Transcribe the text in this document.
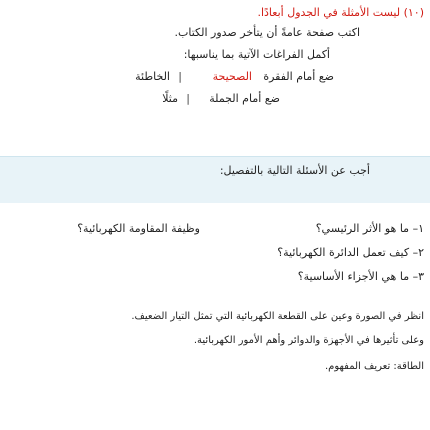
(١٠) ليست الأمثلة في الجدول أبعادًا.
اكتب صفحة عامةً أن يتأخر صدور الكتاب.
أكمل الفراغات الآتية بما يناسبها:
ضع أمام الفقرة
الصحيحة
|
الخاطئة
ضع أمام الجملة
|
مثلًا
أجب عن الأسئلة التالية بالتفصيل:
١– ما هو الأثر الرئيسي؟
وظيفة المقاومة الكهربائية؟
٢– كيف تعمل الدائرة الكهربائية؟
٣– ما هي الأجزاء الأساسية؟
انظر في الصورة وعين على القطعة الكهربائية التي تمثل التيار الضعيف.
وعلى تأثيرها في الأجهزة والدوائر وأهم الأمور الكهربائية.
الطاقة: تعريف المفهوم.
